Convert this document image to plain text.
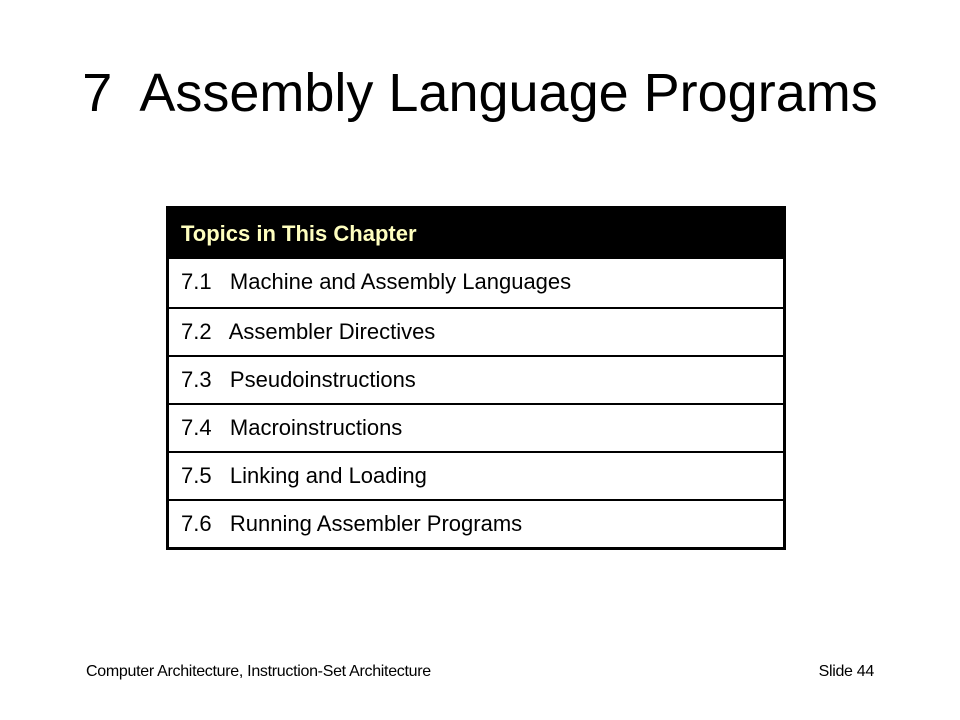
7  Assembly Language Programs
Topics in This Chapter
7.1   Machine and Assembly Languages
7.2   Assembler Directives
7.3   Pseudoinstructions
7.4   Macroinstructions
7.5   Linking and Loading
7.6   Running Assembler Programs
Computer Architecture, Instruction-Set Architecture	Slide 44
